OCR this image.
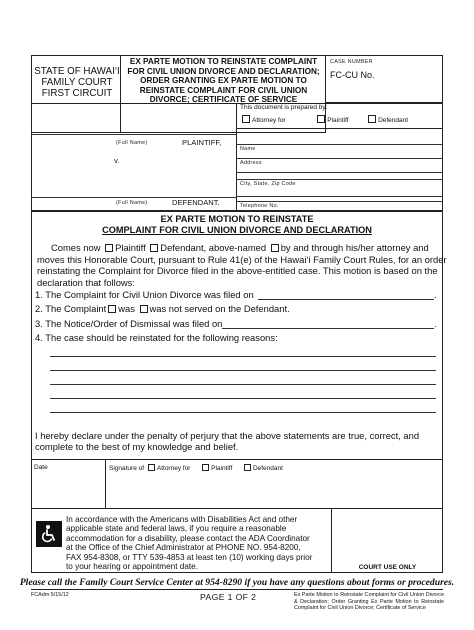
STATE OF HAWAI‘I
FAMILY COURT
FIRST CIRCUIT
EX PARTE MOTION TO REINSTATE COMPLAINT FOR CIVIL UNION DIVORCE AND DECLARATION; ORDER GRANTING EX PARTE MOTION TO REINSTATE COMPLAINT FOR CIVIL UNION DIVORCE; CERTIFICATE OF SERVICE
CASE NUMBER
FC-CU No.
This document is prepared by:
Attorney for	Plaintiff	Defendant
Name
Address
City, State, Zip Code
Telephone No.
(Full Name)	PLAINTIFF,
v.
(Full Name)	DEFENDANT.
EX PARTE MOTION TO REINSTATE
COMPLAINT FOR CIVIL UNION DIVORCE AND DECLARATION
Comes now Plaintiff Defendant, above-named by and through his/her attorney and
moves this Honorable Court, pursuant to Rule 41(e) of the Hawai‘i Family Court Rules, for an order
reinstating the Complaint for Divorce filed in the above-entitled case. This motion is based on the
declaration that follows:
1. The Complaint for Civil Union Divorce was filed on	.
2. The Complaint was was not served on the Defendant.
3. The Notice/Order of Dismissal was filed on	.
4. The case should be reinstated for the following reasons:
I hereby declare under the penalty of perjury that the above statements are true, correct, and
complete to the best of my knowledge and belief.
Date	Signature of Attorney for	Plaintiff	Defendant
In accordance with the Americans with Disabilities Act and other
applicable state and federal laws, if you require a reasonable
accommodation for a disability, please contact the ADA Coordinator
at the Office of the Chief Administrator at PHONE NO. 954-8200,
FAX 954-8308, or TTY 539-4853 at least ten (10) working days prior
to your hearing or appointment date.	COURT USE ONLY
Please call the Family Court Service Center at 954-8290 if you have any questions about forms or procedures.
FCAdm 5/15/12	PAGE 1 OF 2	Ex Parte Motion to Reinstate Complaint for Civil Union Divorce & Declaration; Order Granting Ex Parte Motion to Reinstate Complaint for Civil Union Divorce; Certificate of Service
